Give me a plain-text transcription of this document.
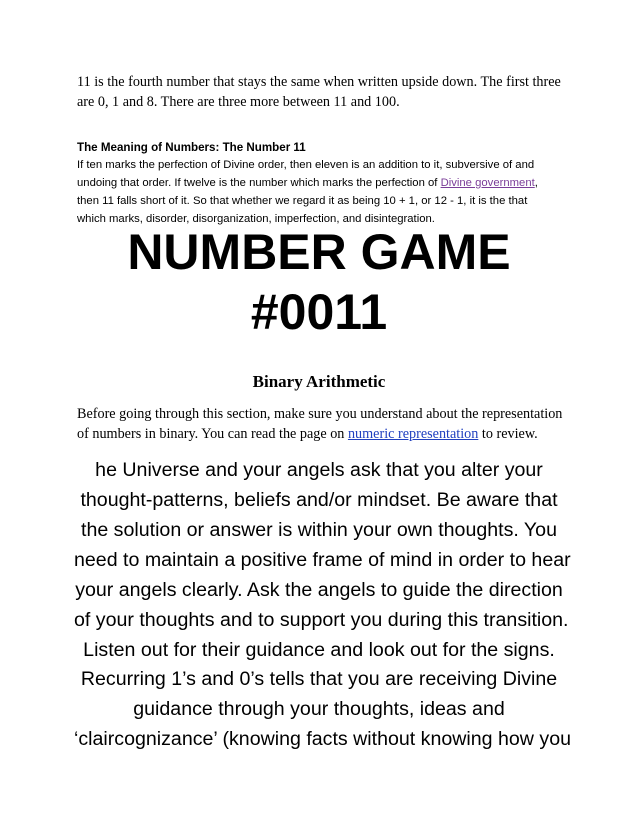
11 is the fourth number that stays the same when written upside down. The first three
are 0, 1 and 8. There are three more between 11 and 100.
The Meaning of Numbers: The Number 11
If ten marks the perfection of Divine order, then eleven is an addition to it, subversive of and
undoing that order. If twelve is the number which marks the perfection of Divine government,
then 11 falls short of it. So that whether we regard it as being 10 + 1, or 12 - 1, it is the that
which marks, disorder, disorganization, imperfection, and disintegration.
NUMBER GAME
#0011
Binary Arithmetic
Before going through this section, make sure you understand about the representation
of numbers in binary. You can read the page on numeric representation to review.
he Universe and your angels ask that you alter your
thought-patterns, beliefs and/or mindset. Be aware that
the solution or answer is within your own thoughts. You
need to maintain a positive frame of mind in order to hear
your angels clearly. Ask the angels to guide the direction
of your thoughts and to support you during this transition.
Listen out for their guidance and look out for the signs.
Recurring 1’s and 0’s tells that you are receiving Divine
guidance through your thoughts, ideas and
‘claircognizance’ (knowing facts without knowing how you
